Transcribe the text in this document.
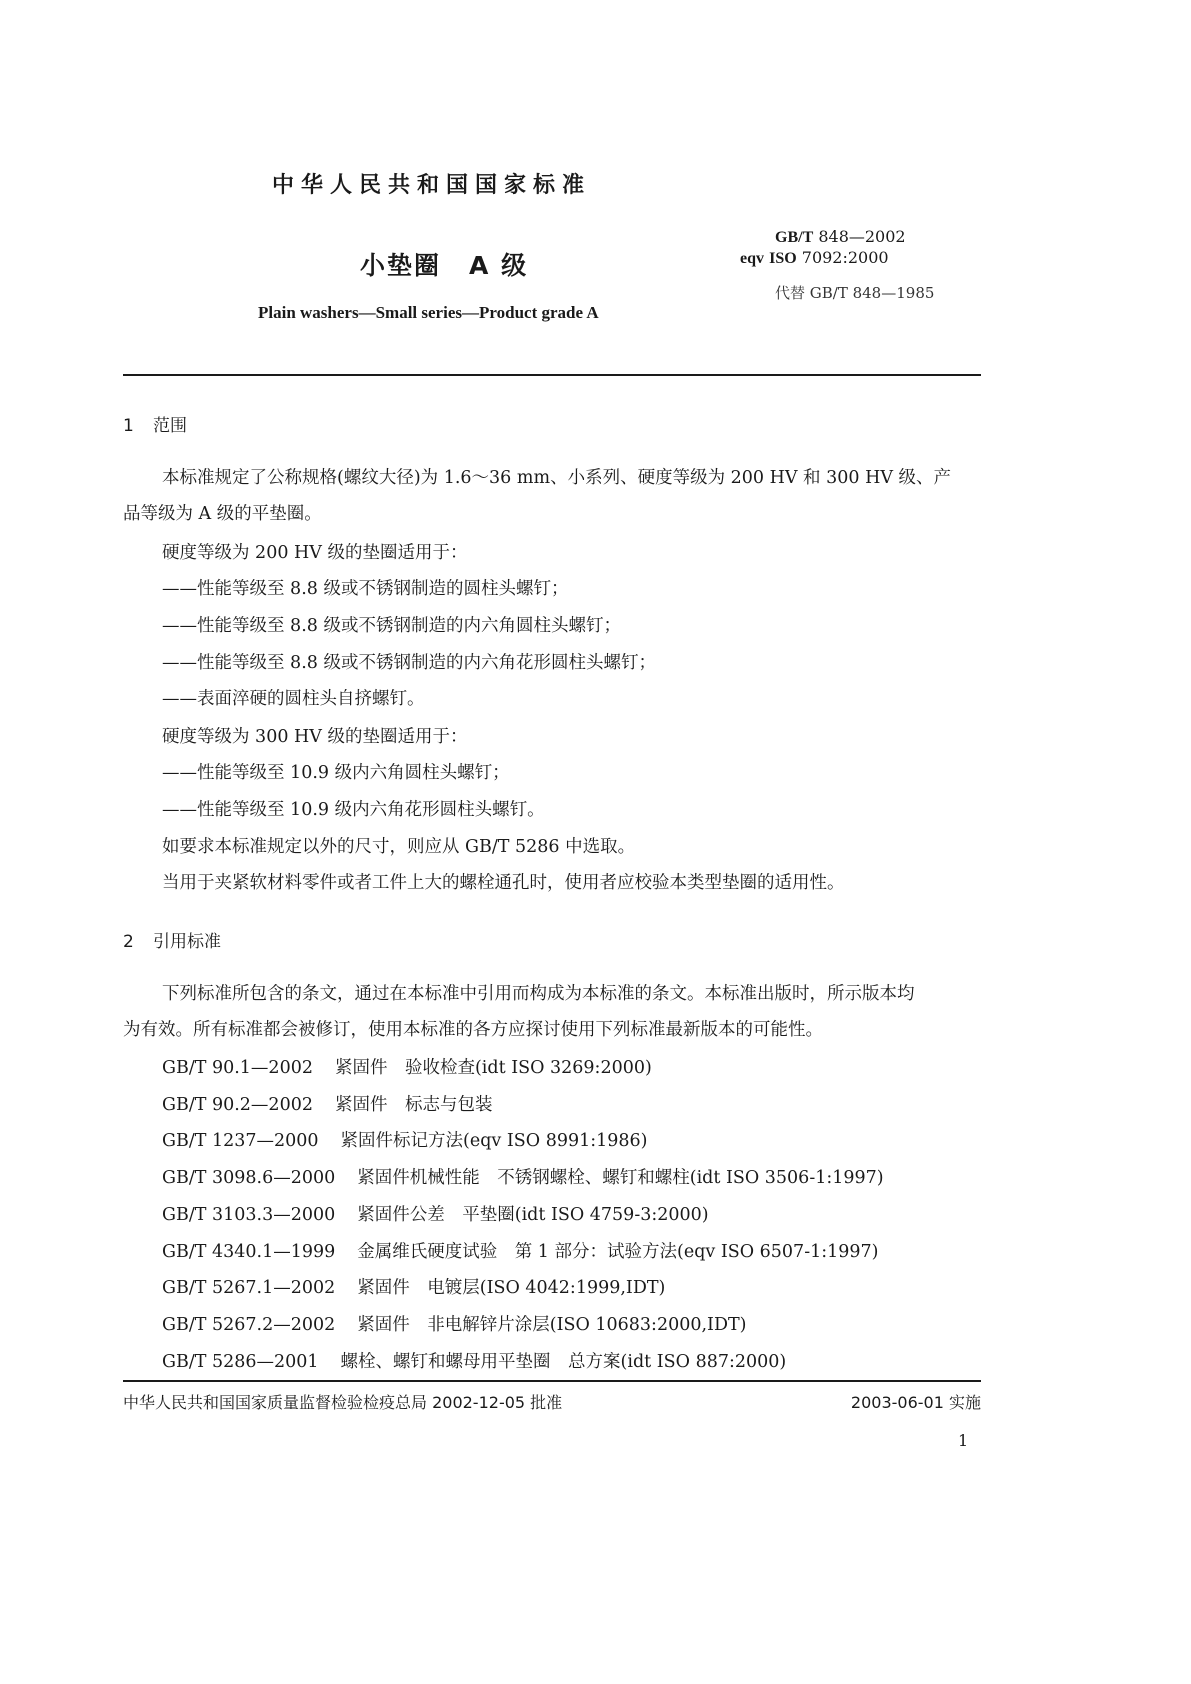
中华人民共和国国家标准
小垫圈 A 级
Plain washers—Small series—Product grade A
GB/T 848—2002
eqv ISO 7092:2000
代替 GB/T 848—1985
1 范围
本标准规定了公称规格(螺纹大径)为 1.6～36 mm、小系列、硬度等级为 200 HV 和 300 HV 级、产
品等级为 A 级的平垫圈。
硬度等级为 200 HV 级的垫圈适用于：
——性能等级至 8.8 级或不锈钢制造的圆柱头螺钉；
——性能等级至 8.8 级或不锈钢制造的内六角圆柱头螺钉；
——性能等级至 8.8 级或不锈钢制造的内六角花形圆柱头螺钉；
——表面淬硬的圆柱头自挤螺钉。
硬度等级为 300 HV 级的垫圈适用于：
——性能等级至 10.9 级内六角圆柱头螺钉；
——性能等级至 10.9 级内六角花形圆柱头螺钉。
如要求本标准规定以外的尺寸，则应从 GB/T 5286 中选取。
当用于夹紧软材料零件或者工件上大的螺栓通孔时，使用者应校验本类型垫圈的适用性。
2 引用标准
下列标准所包含的条文，通过在本标准中引用而构成为本标准的条文。本标准出版时，所示版本均
为有效。所有标准都会被修订，使用本标准的各方应探讨使用下列标准最新版本的可能性。
GB/T 90.1—2002 紧固件　验收检查(idt ISO 3269:2000)
GB/T 90.2—2002 紧固件　标志与包装
GB/T 1237—2000 紧固件标记方法(eqv ISO 8991:1986)
GB/T 3098.6—2000 紧固件机械性能　不锈钢螺栓、螺钉和螺柱(idt ISO 3506-1:1997)
GB/T 3103.3—2000 紧固件公差　平垫圈(idt ISO 4759-3:2000)
GB/T 4340.1—1999 金属维氏硬度试验　第 1 部分：试验方法(eqv ISO 6507-1:1997)
GB/T 5267.1—2002 紧固件　电镀层(ISO 4042:1999,IDT)
GB/T 5267.2—2002 紧固件　非电解锌片涂层(ISO 10683:2000,IDT)
GB/T 5286—2001 螺栓、螺钉和螺母用平垫圈　总方案(idt ISO 887:2000)
中华人民共和国国家质量监督检验检疫总局 2002-12-05 批准	2003-06-01 实施
1
